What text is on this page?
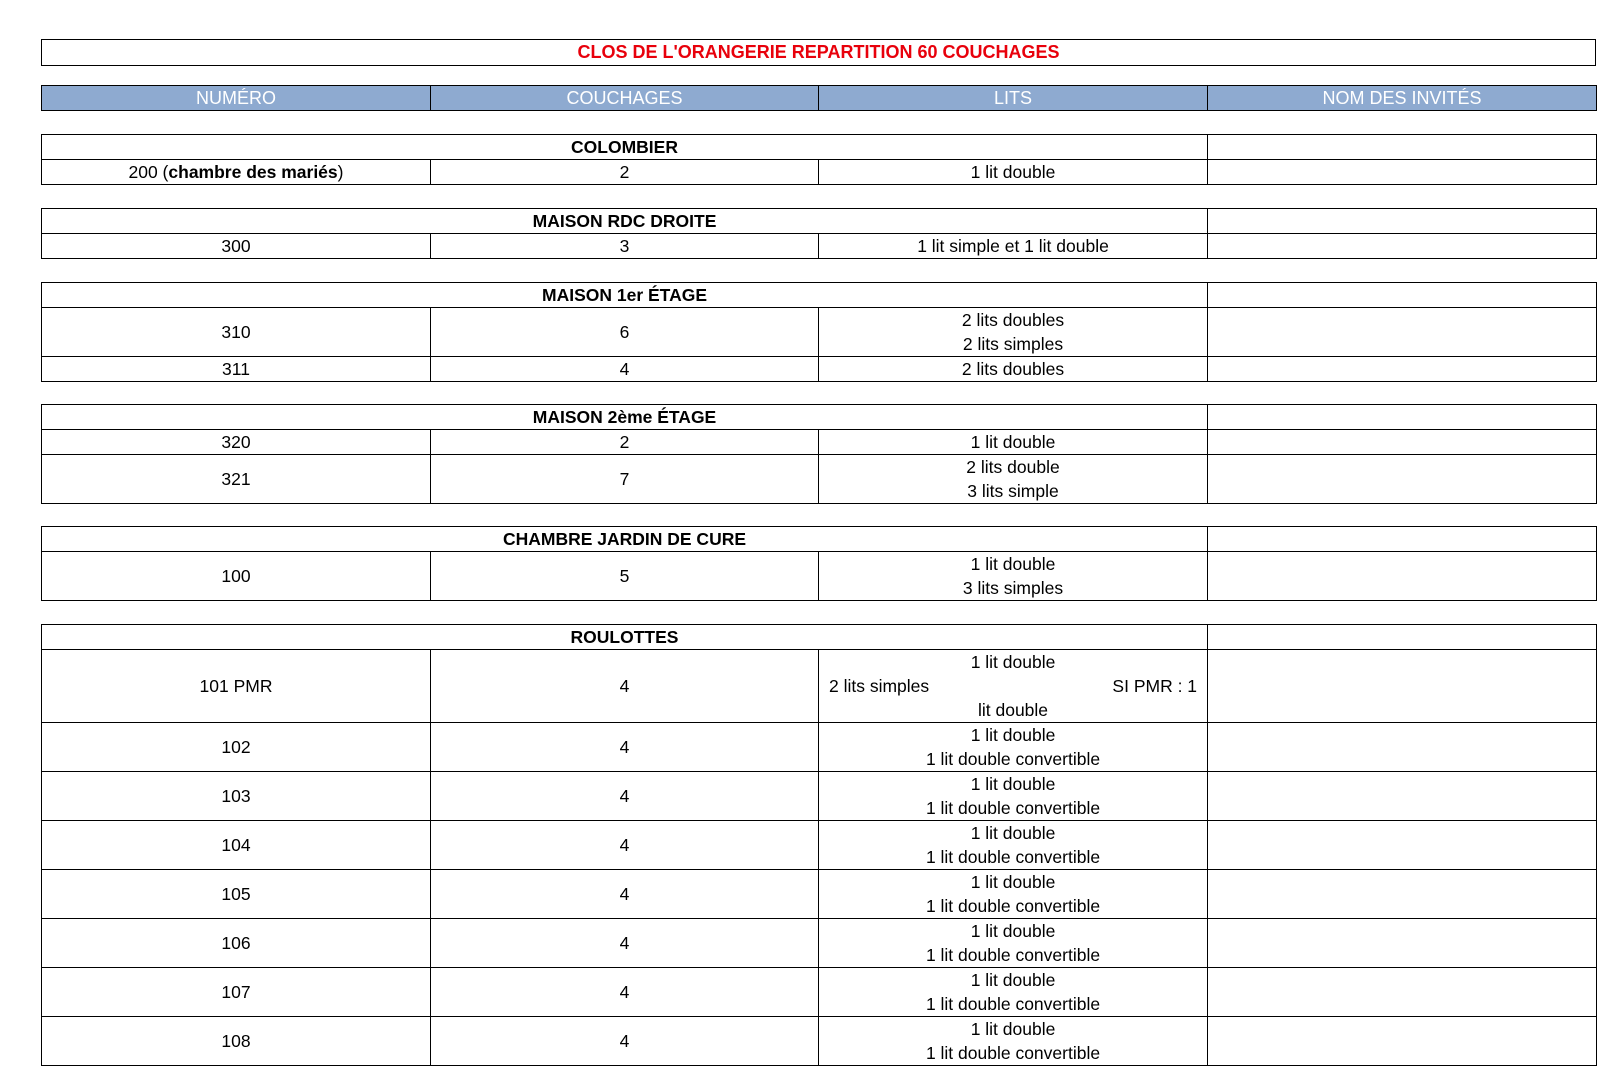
CLOS DE L'ORANGERIE REPARTITION 60 COUCHAGES
NUMÉRO	COUCHAGES	LITS	NOM DES INVITÉS
COLOMBIER			
200 (chambre des mariés)	2	1 lit double	
MAISON RDC DROITE			
300	3	1 lit simple et 1 lit double	
MAISON 1er ÉTAGE			
310	6	2 lits doubles
2 lits simples	

311	4	2 lits doubles	
MAISON 2ème ÉTAGE			
320	2	1 lit double	
321	7	2 lits double
3 lits simple	

CHAMBRE JARDIN DE CURE			
100	5	1 lit double
3 lits simples	

ROULOTTES			
101 PMR	4	1 lit double
2 lits simples SI PMR : 1
lit double	

102	4	1 lit double
1 lit double convertible	

103	4	1 lit double
1 lit double convertible	

104	4	1 lit double
1 lit double convertible	

105	4	1 lit double
1 lit double convertible	

106	4	1 lit double
1 lit double convertible	

107	4	1 lit double
1 lit double convertible	

108	4	1 lit double
1 lit double convertible	
